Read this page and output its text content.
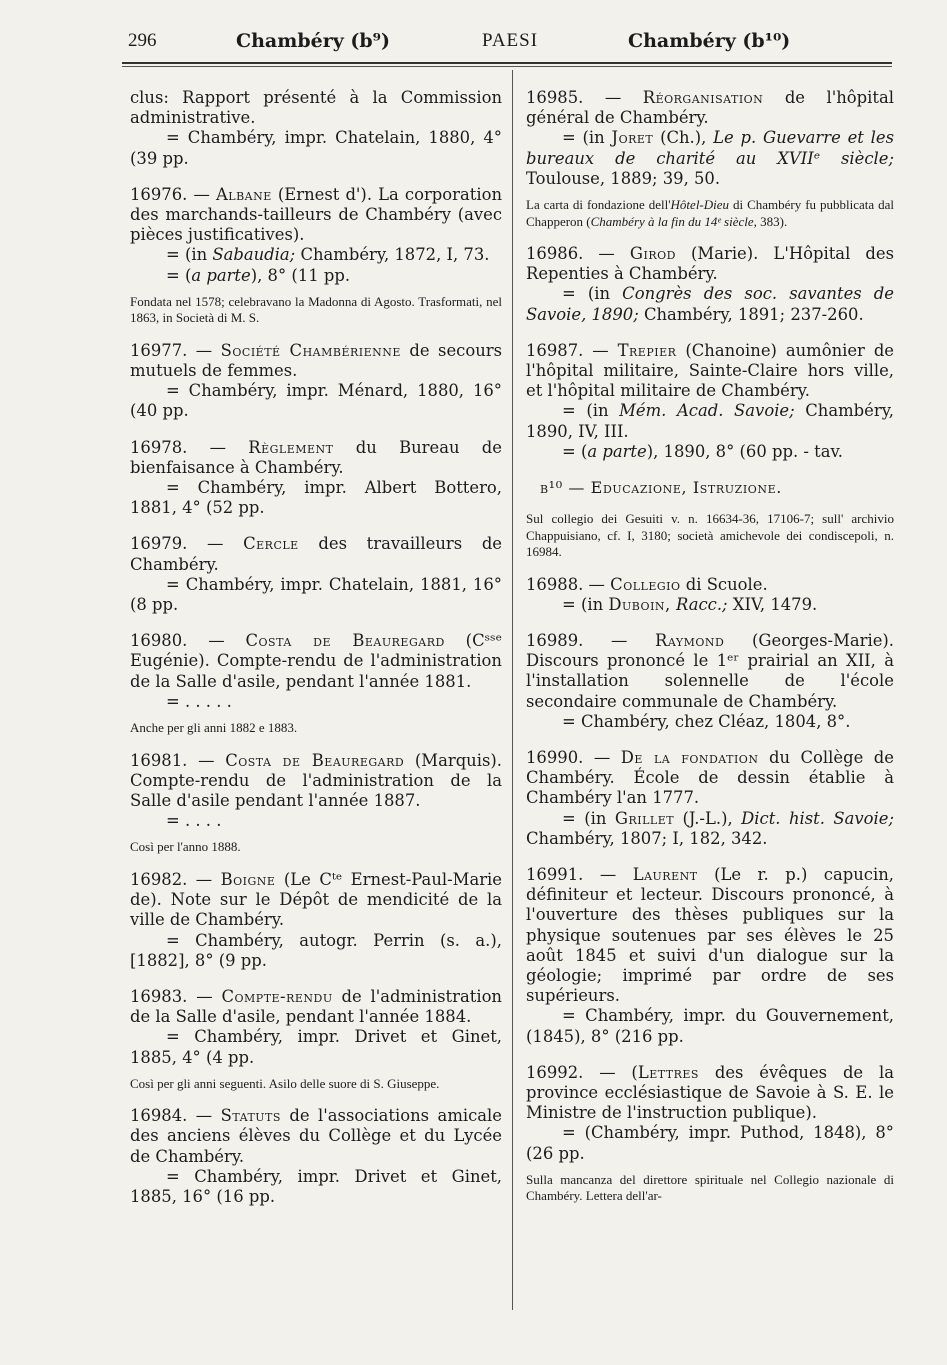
296	Chambéry (b⁹)	PAESI	Chambéry (b¹⁰)

clus: Rapport présenté à la Commission administrative.

= Chambéry, impr. Chatelain, 1880, 4° (39 pp.

16976. — Albane (Ernest d'). La corporation des marchands-tailleurs de Chambéry (avec pièces justificatives).

= (in Sabaudia; Chambéry, 1872, I, 73.

= (a parte), 8° (11 pp.

Fondata nel 1578; celebravano la Madonna di Agosto. Trasformati, nel 1863, in Società di M. S.

16977. — Société Chambérienne de secours mutuels de femmes.

= Chambéry, impr. Ménard, 1880, 16° (40 pp.

16978. — Règlement du Bureau de bienfaisance à Chambéry.

= Chambéry, impr. Albert Bottero, 1881, 4° (52 pp.

16979. — Cercle des travailleurs de Chambéry.

= Chambéry, impr. Chatelain, 1881, 16° (8 pp.

16980. — Costa de Beauregard (Cˢˢᵉ Eugénie). Compte-rendu de l'administration de la Salle d'asile, pendant l'année 1881.

= . . . . .

Anche per gli anni 1882 e 1883.

16981. — Costa de Beauregard (Marquis). Compte-rendu de l'administration de la Salle d'asile pendant l'année 1887.

= . . . .

Così per l'anno 1888.

16982. — Boigne (Le Cᵗᵉ Ernest-Paul-Marie de). Note sur le Dépôt de mendicité de la ville de Chambéry.

= Chambéry, autogr. Perrin (s. a.), [1882], 8° (9 pp.

16983. — Compte-rendu de l'administration de la Salle d'asile, pendant l'année 1884.

= Chambéry, impr. Drivet et Ginet, 1885, 4° (4 pp.

Così per gli anni seguenti. Asilo delle suore di S. Giuseppe.

16984. — Statuts de l'associations amicale des anciens élèves du Collège et du Lycée de Chambéry.

= Chambéry, impr. Drivet et Ginet, 1885, 16° (16 pp.

16985. — Réorganisation de l'hôpital général de Chambéry.

= (in Joret (Ch.), Le p. Guevarre et les bureaux de charité au XVIIᵉ siècle; Toulouse, 1889; 39, 50.

La carta di fondazione dell'Hôtel-Dieu di Chambéry fu pubblicata dal Chapperon (Chambéry à la fin du 14ᵉ siècle, 383).

16986. — Girod (Marie). L'Hôpital des Repenties à Chambéry.

= (in Congrès des soc. savantes de Savoie, 1890; Chambéry, 1891; 237-260.

16987. — Trepier (Chanoine) aumônier de l'hôpital militaire, Sainte-Claire hors ville, et l'hôpital militaire de Chambéry.

= (in Mém. Acad. Savoie; Chambéry, 1890, IV, III.

= (a parte), 1890, 8° (60 pp. - tav.

b¹⁰ — Educazione, Istruzione.
Sul collegio dei Gesuiti v. n. 16634-36, 17106-7; sull' archivio Chappuisiano, cf. I, 3180; società amichevole dei condiscepoli, n. 16984.

16988. — Collegio di Scuole.

= (in Duboin, Racc.; XIV, 1479.

16989. — Raymond (Georges-Marie). Discours prononcé le 1ᵉʳ prairial an XII, à l'installation solennelle de l'école secondaire communale de Chambéry.

= Chambéry, chez Cléaz, 1804, 8°.

16990. — De la fondation du Collège de Chambéry. École de dessin établie à Chambéry l'an 1777.

= (in Grillet (J.-L.), Dict. hist. Savoie; Chambéry, 1807; I, 182, 342.

16991. — Laurent (Le r. p.) capucin, définiteur et lecteur. Discours prononcé, à l'ouverture des thèses publiques sur la physique soutenues par ses élèves le 25 août 1845 et suivi d'un dialogue sur la géologie; imprimé par ordre de ses supérieurs.

= Chambéry, impr. du Gouvernement, (1845), 8° (216 pp.

16992. — (Lettres des évêques de la province ecclésiastique de Savoie à S. E. le Ministre de l'instruction publique).

= (Chambéry, impr. Puthod, 1848), 8° (26 pp.

Sulla mancanza del direttore spirituale nel Collegio nazionale di Chambéry. Lettera dell'ar-
